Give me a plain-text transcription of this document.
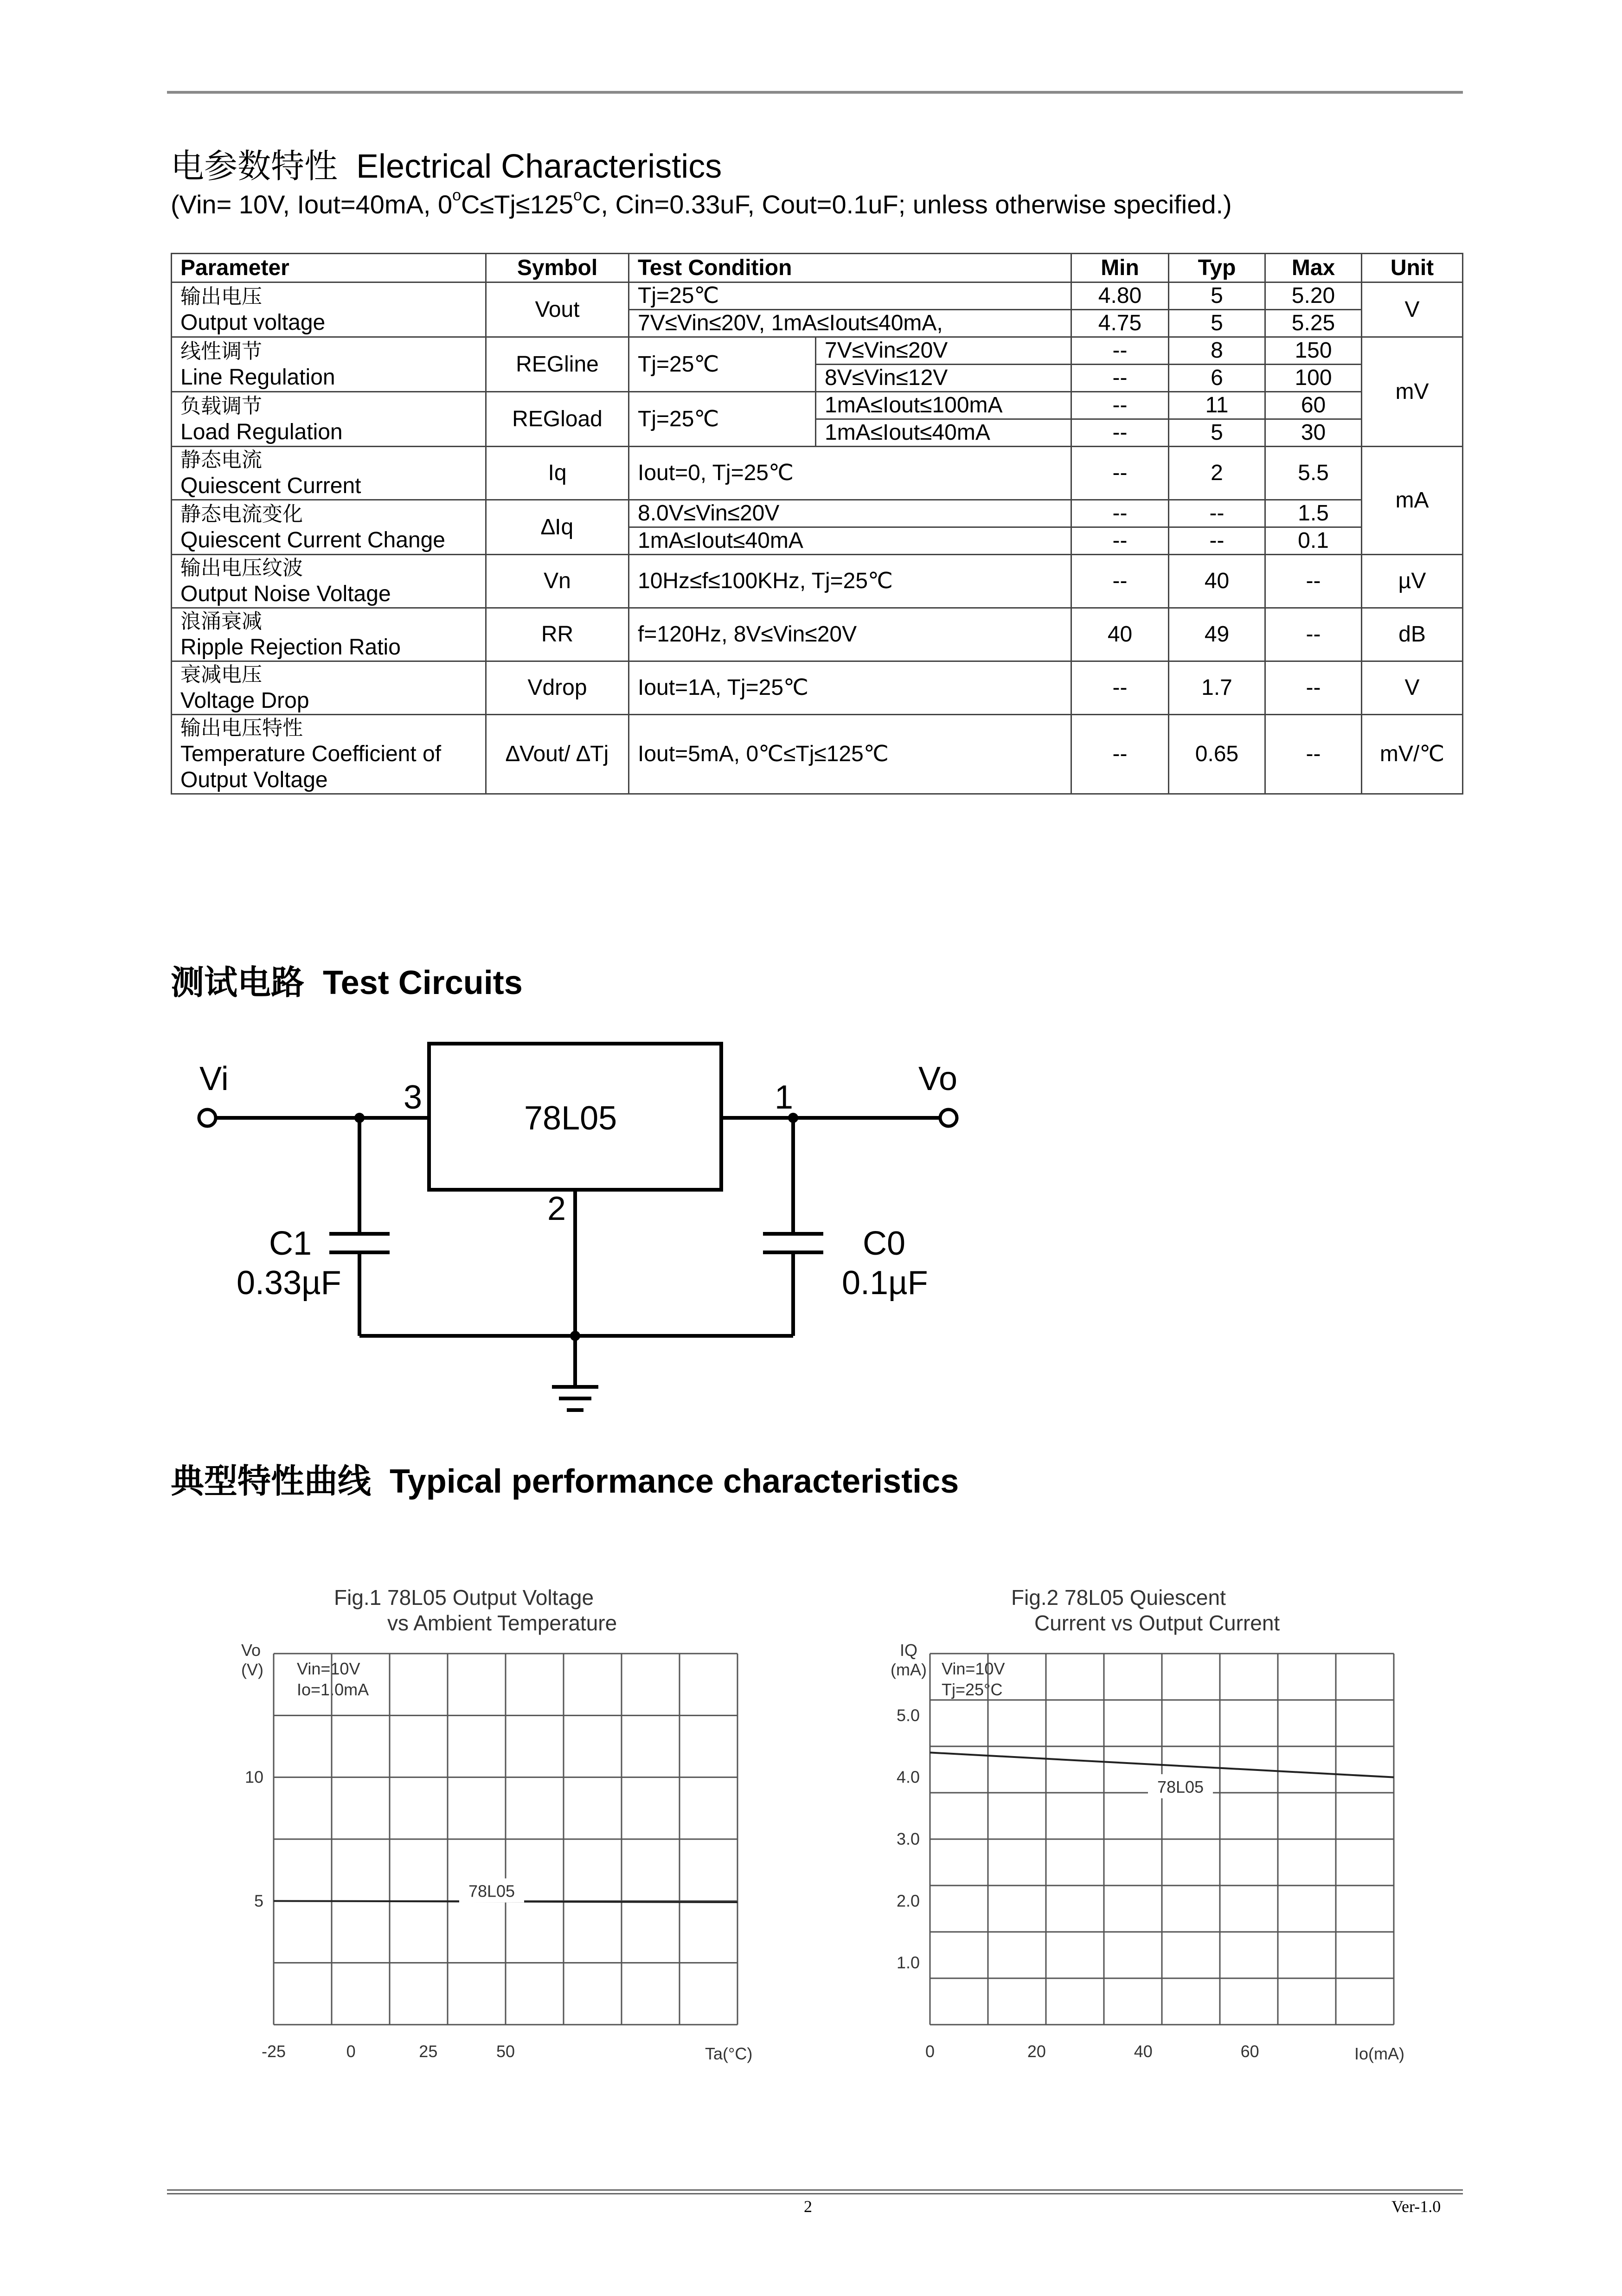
电参数特性 Electrical Characteristics
(Vin= 10V, Iout=40mA, $0^oC\le Tj\le 125^oC$, Cin=0.33uF, Cout=0.1uF; unless otherwise specified.)
Parameter	Symbol	Test Condition		Min	Typ	Max	Unit

输出电压
Output voltage	Vout	Tj=25℃		4.80	5	5.20	V
		7V≤Vin≤20V, 1mA≤Iout≤40mA,		4.75	5	5.25	

线性调节
Line Regulation	REGline	Tj=25℃	7V≤Vin≤20V	--	8	150	mV
			8V≤Vin≤12V	--	6	100	

负载调节
Load Regulation	REGload	Tj=25℃	1mA≤Iout≤100mA	--	11	60	
			1mA≤Iout≤40mA	--	5	30	

静态电流
Quiescent Current	Iq	Iout=0, Tj=25℃		--	2	5.5	mA

静态电流变化
Quiescent Current Change	∆Iq	8.0V≤Vin≤20V		--	--	1.5	
		1mA≤Iout≤40mA		--	--	0.1	

输出电压纹波
Output Noise Voltage	Vn	10Hz≤f≤100KHz, Tj=25℃		--	40	--	µV

浪涌衰减
Ripple Rejection Ratio	RR	f=120Hz, 8V≤Vin≤20V		40	49	--	dB

衰减电压
Voltage Drop	Vdrop	Iout=1A, Tj=25℃		--	1.7	--	V

输出电压特性
Temperature Coefficient of
Output Voltage	∆Vout/ ∆Tj	Iout=5mA, 0℃≤Tj≤125℃		--	0.65	--	mV/℃
测试电路 Test Circuits
Vi	Vo
3	1
2
78L05
C1
0.33µF
C0
0.1µF
典型特性曲线 Typical performance characteristics
Fig.1 78L05 Output Voltage
vs Ambient Temperature
Vo
(V) Vin=10V
Io=1.0mA
-25	0	25	50
5
10
Ta(°C)
78L05
Fig.2 78L05 Quiescent
Current vs Output Current
IQ
(mA) Vin=10V
Tj=25°C
0	20	40	60
1.0
2.0
3.0
4.0
5.0
Io(mA)
78L05
2	Ver-1.0
